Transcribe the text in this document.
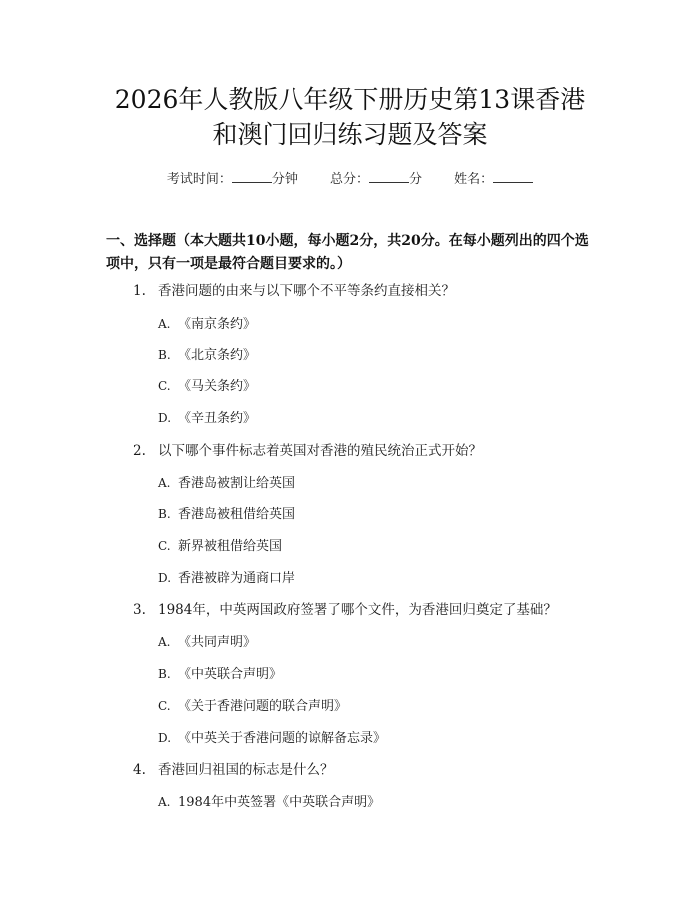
2026年人教版八年级下册历史第13课香港
和澳门回归练习题及答案
考试时间：	分钟 总分：	分 姓名：
一、选择题（本大题共10小题，每小题2分，共20分。在每小题列出的四个选
项中，只有一项是最符合题目要求的。）
1. 香港问题的由来与以下哪个不平等条约直接相关？
A. 《南京条约》
B. 《北京条约》
C. 《马关条约》
D. 《辛丑条约》
2. 以下哪个事件标志着英国对香港的殖民统治正式开始？
A. 香港岛被割让给英国
B. 香港岛被租借给英国
C. 新界被租借给英国
D. 香港被辟为通商口岸
3. 1984年，中英两国政府签署了哪个文件，为香港回归奠定了基础？
A. 《共同声明》
B. 《中英联合声明》
C. 《关于香港问题的联合声明》
D. 《中英关于香港问题的谅解备忘录》
4. 香港回归祖国的标志是什么？
A. 1984年中英签署《中英联合声明》
